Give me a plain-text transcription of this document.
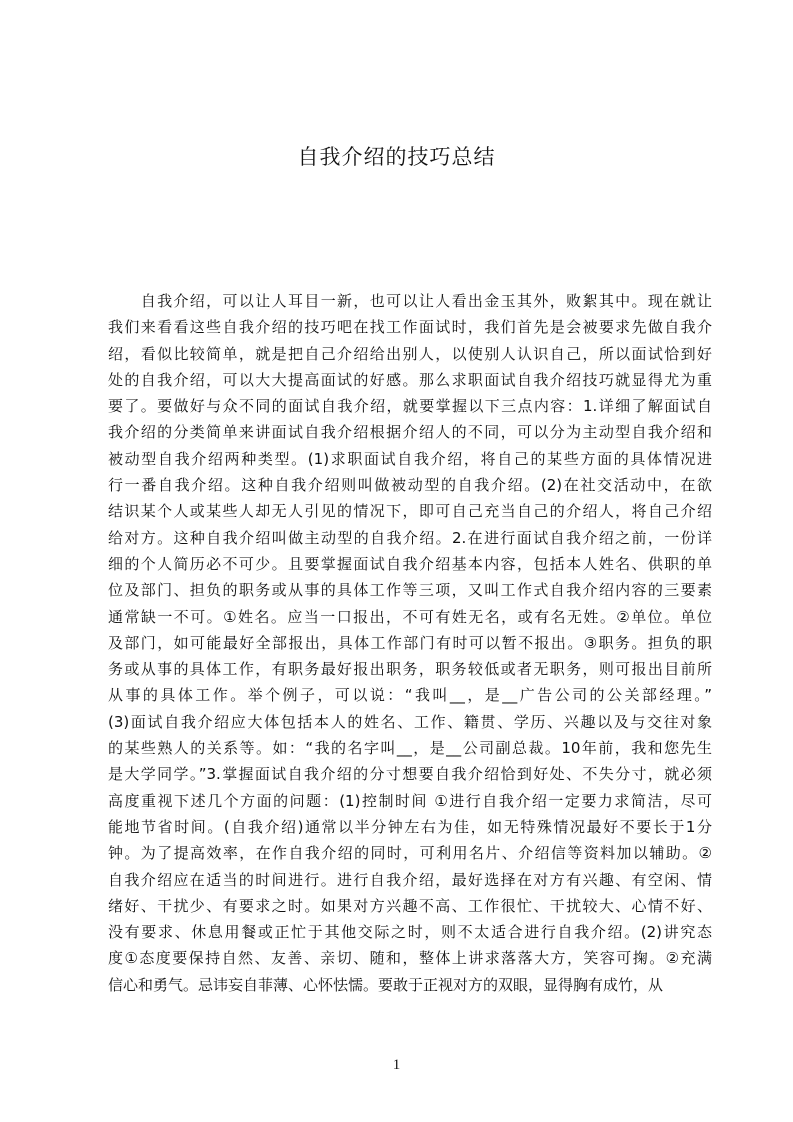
自我介绍的技巧总结
　　自我介绍，可以让人耳目一新，也可以让人看出金玉其外，败絮其中。现在就让
我们来看看这些自我介绍的技巧吧在找工作面试时，我们首先是会被要求先做自我介
绍，看似比较简单，就是把自己介绍给出别人，以使别人认识自己，所以面试恰到好
处的自我介绍，可以大大提高面试的好感。那么求职面试自我介绍技巧就显得尤为重
要了。要做好与众不同的面试自我介绍，就要掌握以下三点内容：1.详细了解面试自
我介绍的分类简单来讲面试自我介绍根据介绍人的不同，可以分为主动型自我介绍和
被动型自我介绍两种类型。(1)求职面试自我介绍，将自己的某些方面的具体情况进
行一番自我介绍。这种自我介绍则叫做被动型的自我介绍。(2)在社交活动中，在欲
结识某个人或某些人却无人引见的情况下，即可自己充当自己的介绍人，将自己介绍
给对方。这种自我介绍叫做主动型的自我介绍。2.在进行面试自我介绍之前，一份详
细的个人简历必不可少。且要掌握面试自我介绍基本内容，包括本人姓名、供职的单
位及部门、担负的职务或从事的具体工作等三项，又叫工作式自我介绍内容的三要素
通常缺一不可。①姓名。应当一口报出，不可有姓无名，或有名无姓。②单位。单位
及部门，如可能最好全部报出，具体工作部门有时可以暂不报出。③职务。担负的职
务或从事的具体工作，有职务最好报出职务，职务较低或者无职务，则可报出目前所
从事的具体工作。举个例子，可以说：“我叫__，是__广告公司的公关部经理。”
(3)面试自我介绍应大体包括本人的姓名、工作、籍贯、学历、兴趣以及与交往对象
的某些熟人的关系等。如：“我的名字叫__，是__公司副总裁。10年前，我和您先生
是大学同学。”3.掌握面试自我介绍的分寸想要自我介绍恰到好处、不失分寸，就必须
高度重视下述几个方面的问题：(1)控制时间 ①进行自我介绍一定要力求简洁，尽可
能地节省时间。(自我介绍)通常以半分钟左右为佳，如无特殊情况最好不要长于1分
钟。为了提高效率，在作自我介绍的同时，可利用名片、介绍信等资料加以辅助。②
自我介绍应在适当的时间进行。进行自我介绍，最好选择在对方有兴趣、有空闲、情
绪好、干扰少、有要求之时。如果对方兴趣不高、工作很忙、干扰较大、心情不好、
没有要求、休息用餐或正忙于其他交际之时，则不太适合进行自我介绍。(2)讲究态
度①态度要保持自然、友善、亲切、随和，整体上讲求落落大方，笑容可掬。②充满
信心和勇气。忌讳妄自菲薄、心怀怯懦。要敢于正视对方的双眼，显得胸有成竹，从
1
